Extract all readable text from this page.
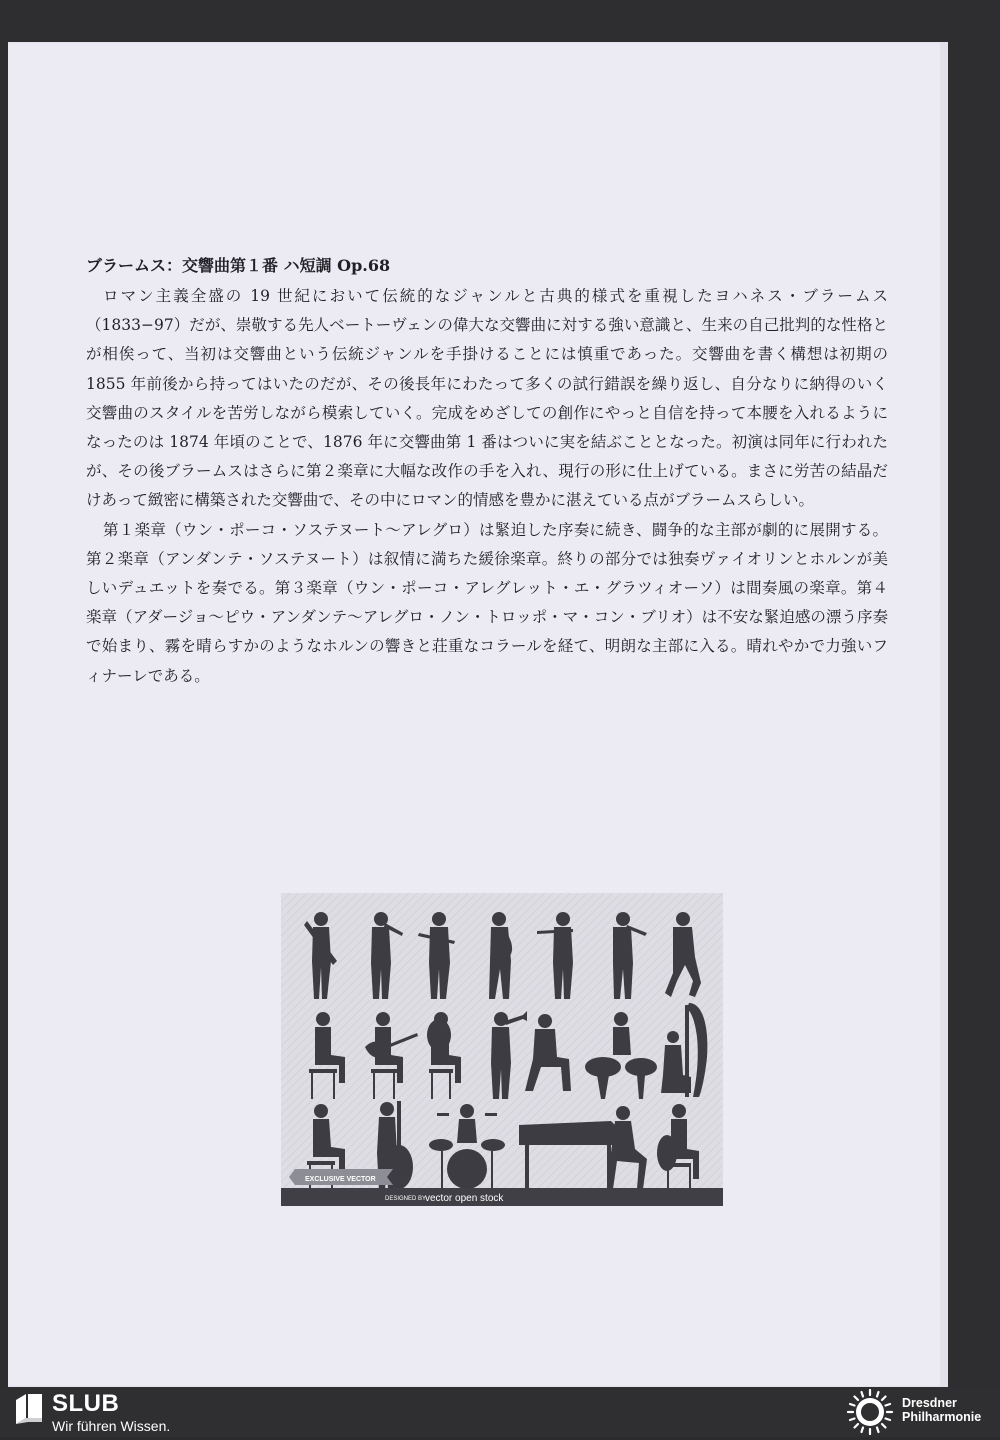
ブラームス：交響曲第１番 ハ短調 Op.68

ロマン主義全盛の 19 世紀において伝統的なジャンルと古典的様式を重視したヨハネス・ブラームス（1833−97）だが、崇敬する先人ベートーヴェンの偉大な交響曲に対する強い意識と、生来の自己批判的な性格とが相俟って、当初は交響曲という伝統ジャンルを手掛けることには慎重であった。交響曲を書く構想は初期の 1855 年前後から持ってはいたのだが、その後長年にわたって多くの試行錯誤を繰り返し、自分なりに納得のいく交響曲のスタイルを苦労しながら模索していく。完成をめざしての創作にやっと自信を持って本腰を入れるようになったのは 1874 年頃のことで、1876 年に交響曲第 1 番はついに実を結ぶこととなった。初演は同年に行われたが、その後ブラームスはさらに第２楽章に大幅な改作の手を入れ、現行の形に仕上げている。まさに労苦の結晶だけあって緻密に構築された交響曲で、その中にロマン的情感を豊かに湛えている点がブラームスらしい。

第１楽章（ウン・ポーコ・ソステヌート〜アレグロ）は緊迫した序奏に続き、闘争的な主部が劇的に展開する。第２楽章（アンダンテ・ソステヌート）は叙情に満ちた緩徐楽章。終りの部分では独奏ヴァイオリンとホルンが美しいデュエットを奏でる。第３楽章（ウン・ポーコ・アレグレット・エ・グラツィオーソ）は間奏風の楽章。第４楽章（アダージョ〜ピウ・アンダンテ〜アレグロ・ノン・トロッポ・マ・コン・ブリオ）は不安な緊迫感の漂う序奏で始まり、霧を晴らすかのようなホルンの響きと荘重なコラールを経て、明朗な主部に入る。晴れやかで力強いフィナーレである。

EXCLUSIVE VECTOR
DESIGNED BY
vector open stock
SLUB
Wir führen Wissen.
Dresdner
Philharmonie
